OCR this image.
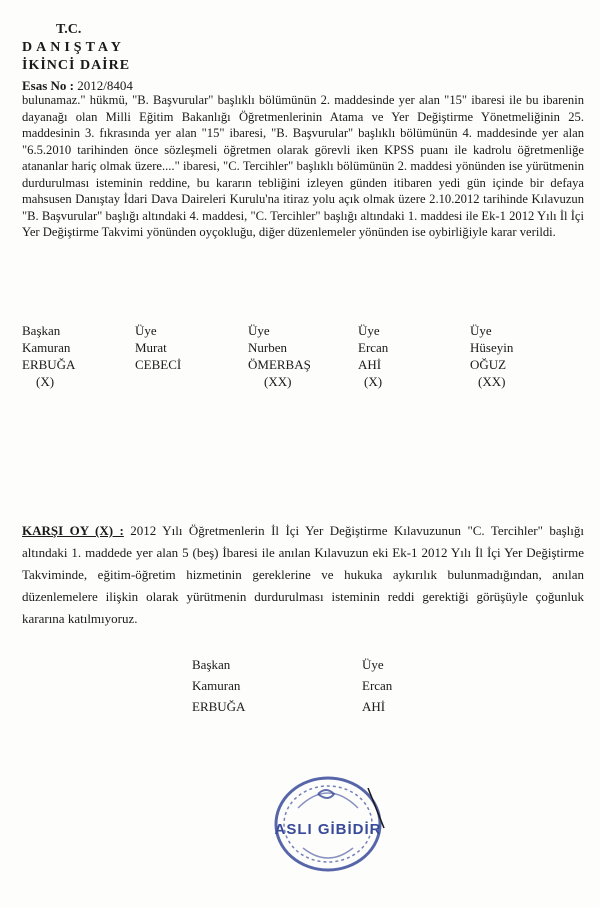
T.C.
DANIŞTAY
İKİNCİ DAİRE
Esas No : 2012/8404

bulunamaz." hükmü, "B. Başvurular" başlıklı bölümünün 2. maddesinde yer alan "15" ibaresi ile bu ibarenin dayanağı olan Milli Eğitim Bakanlığı Öğretmenlerinin Atama ve Yer Değiştirme Yönetmeliğinin 25. maddesinin 3. fıkrasında yer alan "15" ibaresi, "B. Başvurular" başlıklı bölümünün 4. maddesinde yer alan "6.5.2010 tarihinden önce sözleşmeli öğretmen olarak görevli iken KPSS puanı ile kadrolu öğretmenliğe atananlar hariç olmak üzere...." ibaresi, "C. Tercihler" başlıklı bölümünün 2. maddesi yönünden ise yürütmenin durdurulması isteminin reddine, bu kararın tebliğini izleyen günden itibaren yedi gün içinde bir defaya mahsusen Danıştay İdari Dava Daireleri Kurulu'na itiraz yolu açık olmak üzere 2.10.2012 tarihinde Kılavuzun "B. Başvurular" başlığı altındaki 4. maddesi, "C. Tercihler" başlığı altındaki 1. maddesi ile Ek-1 2012 Yılı İl İçi Yer Değiştirme Takvimi yönünden oyçokluğu, diğer düzenlemeler yönünden ise oybirliğiyle karar verildi.

Başkan
Kamuran
ERBUĞA
(X)
Üye
Murat
CEBECİ
Üye
Nurben
ÖMERBAŞ
(XX)
Üye
Ercan
AHİ
(X)
Üye
Hüseyin
OĞUZ
(XX)
KARŞI OY (X) : 2012 Yılı Öğretmenlerin İl İçi Yer Değiştirme Kılavuzunun "C. Tercihler" başlığı altındaki 1. maddede yer alan 5 (beş) İbaresi ile anılan Kılavuzun eki Ek-1 2012 Yılı İl İçi Yer Değiştirme Takviminde, eğitim-öğretim hizmetinin gereklerine ve hukuka aykırılık bulunmadığından, anılan düzenlemelere ilişkin olarak yürütmenin durdurulması isteminin reddi gerektiği görüşüyle çoğunluk kararına katılmıyoruz.
Başkan
Kamuran
ERBUĞA
Üye
Ercan
AHİ
ASLI GİBİDİR
